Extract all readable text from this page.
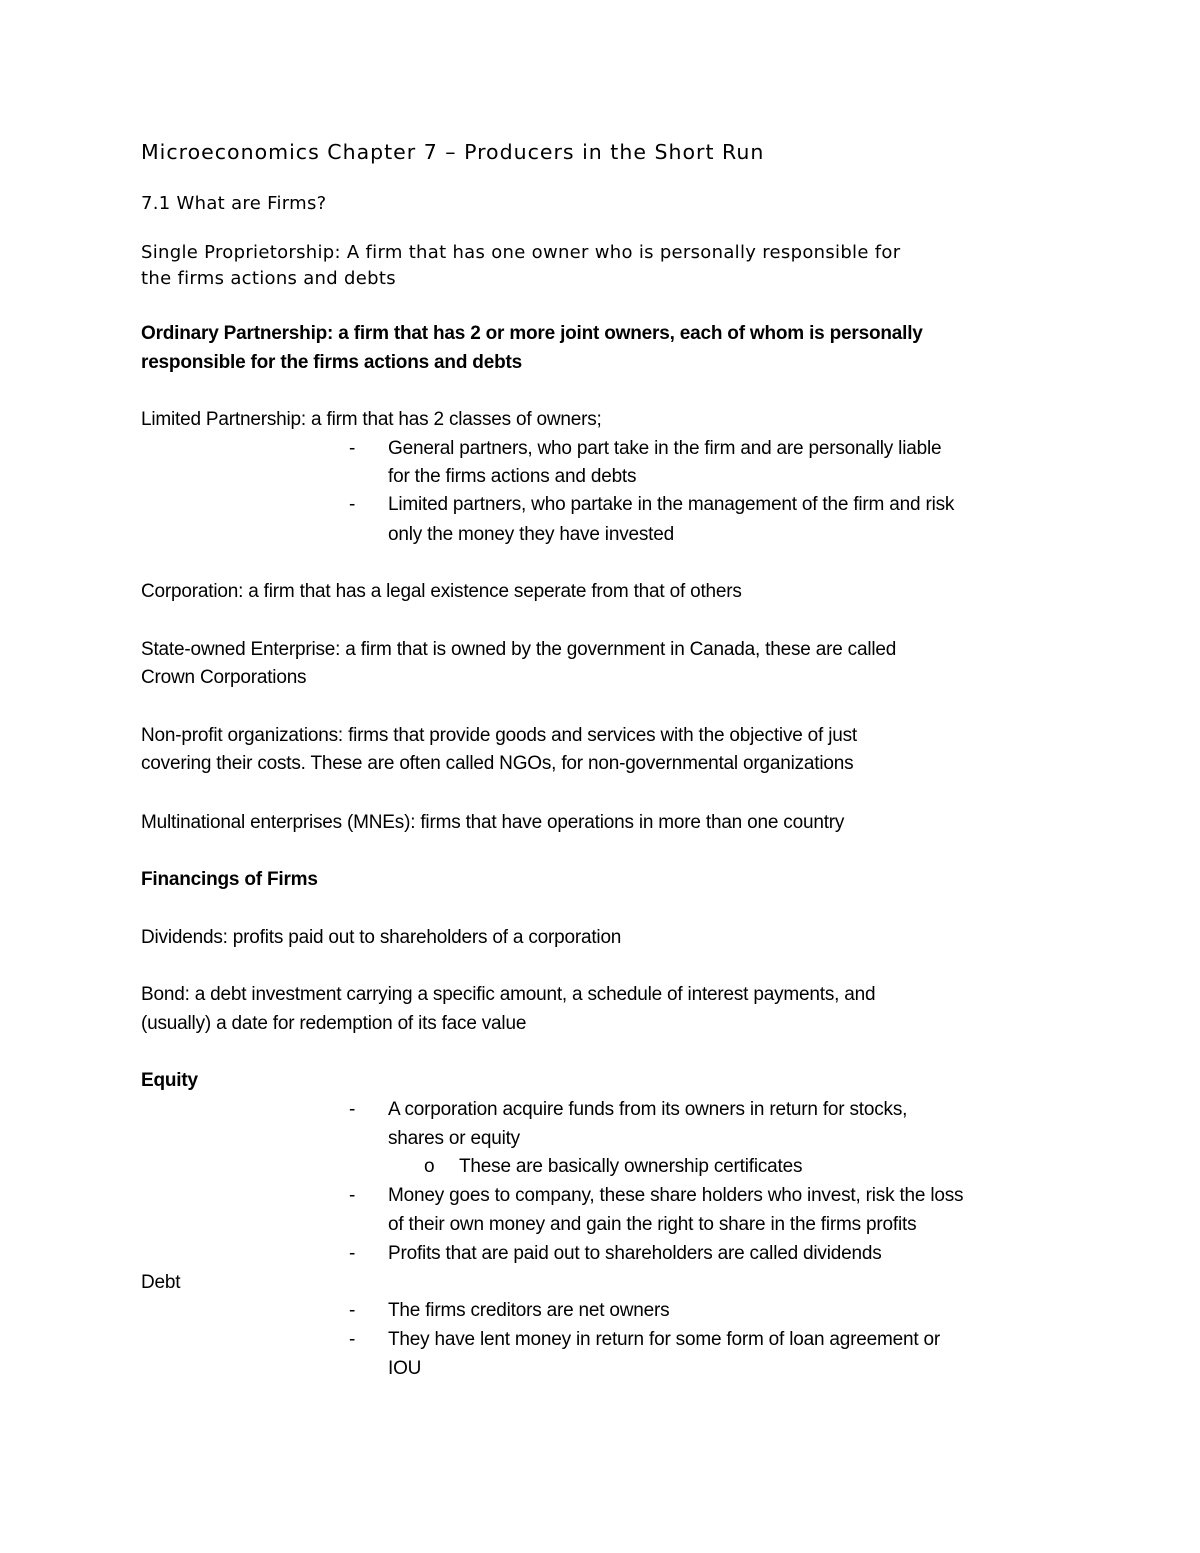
Microeconomics Chapter 7 – Producers in the Short Run
7.1 What are Firms?
Single Proprietorship: A firm that has one owner who is personally responsible for
the firms actions and debts
Ordinary Partnership: a firm that has 2 or more joint owners, each of whom is personally
responsible for the firms actions and debts
Limited Partnership: a firm that has 2 classes of owners;
- General partners, who part take in the firm and are personally liable
for the firms actions and debts
- Limited partners, who partake in the management of the firm and risk
only the money they have invested
Corporation: a firm that has a legal existence seperate from that of others
State-owned Enterprise: a firm that is owned by the government in Canada, these are called
Crown Corporations
Non-profit organizations: firms that provide goods and services with the objective of just
covering their costs. These are often called NGOs, for non-governmental organizations
Multinational enterprises (MNEs): firms that have operations in more than one country
Financings of Firms
Dividends: profits paid out to shareholders of a corporation
Bond: a debt investment carrying a specific amount, a schedule of interest payments, and
(usually) a date for redemption of its face value
Equity
- A corporation acquire funds from its owners in return for stocks,
shares or equity
o These are basically ownership certificates
- Money goes to company, these share holders who invest, risk the loss
of their own money and gain the right to share in the firms profits
- Profits that are paid out to shareholders are called dividends
Debt
- The firms creditors are net owners
- They have lent money in return for some form of loan agreement or
IOU
